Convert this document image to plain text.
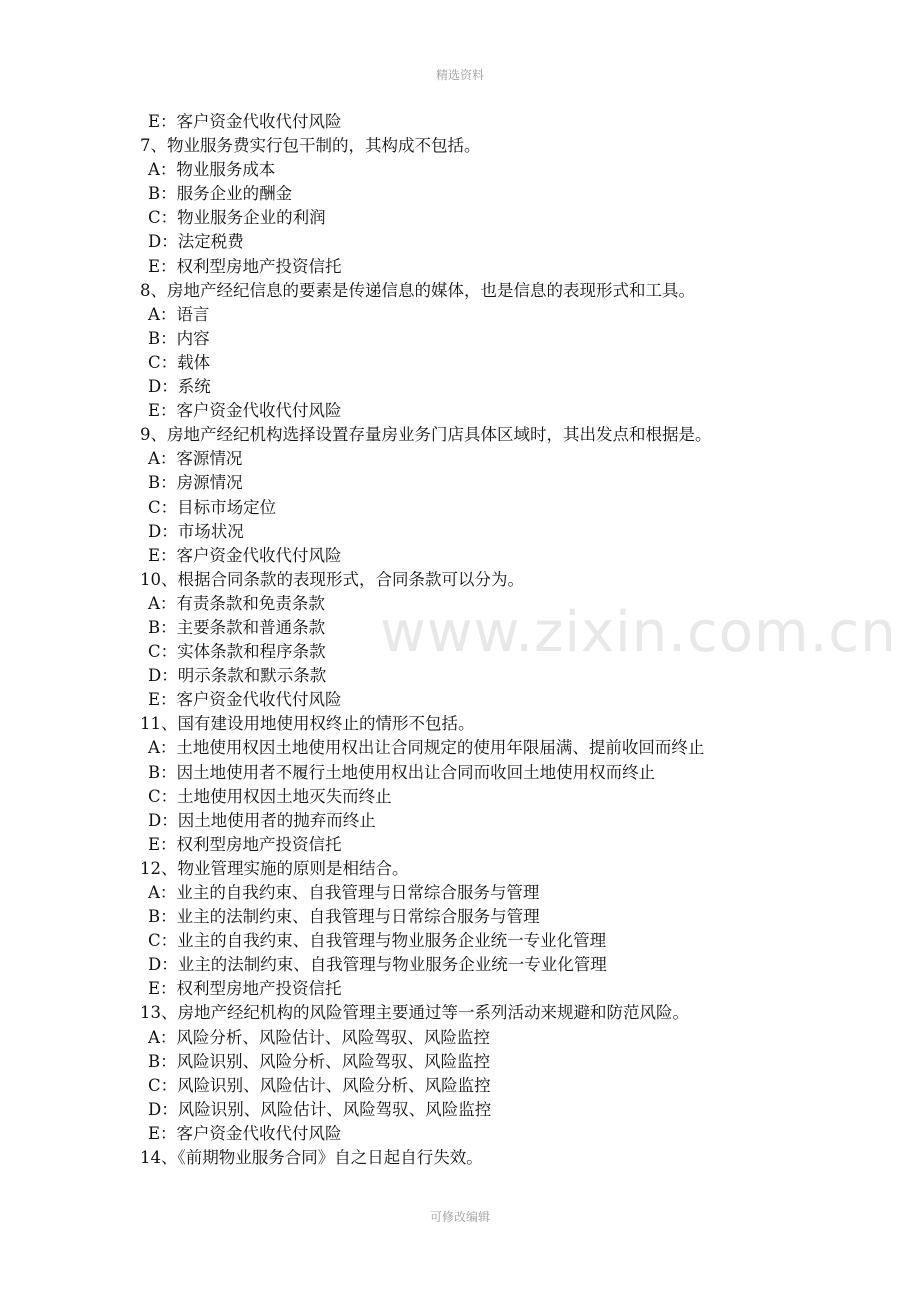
精选资料
www.zixin.com.cn
E：客户资金代收代付风险
7、物业服务费实行包干制的，其构成不包括。
A：物业服务成本
B：服务企业的酬金
C：物业服务企业的利润
D：法定税费
E：权利型房地产投资信托
8、房地产经纪信息的要素是传递信息的媒体，也是信息的表现形式和工具。
A：语言
B：内容
C：载体
D：系统
E：客户资金代收代付风险
9、房地产经纪机构选择设置存量房业务门店具体区域时，其出发点和根据是。
A：客源情况
B：房源情况
C：目标市场定位
D：市场状况
E：客户资金代收代付风险
10、根据合同条款的表现形式，合同条款可以分为。
A：有责条款和免责条款
B：主要条款和普通条款
C：实体条款和程序条款
D：明示条款和默示条款
E：客户资金代收代付风险
11、国有建设用地使用权终止的情形不包括。
A：土地使用权因土地使用权出让合同规定的使用年限届满、提前收回而终止
B：因土地使用者不履行土地使用权出让合同而收回土地使用权而终止
C：土地使用权因土地灭失而终止
D：因土地使用者的抛弃而终止
E：权利型房地产投资信托
12、物业管理实施的原则是相结合。
A：业主的自我约束、自我管理与日常综合服务与管理
B：业主的法制约束、自我管理与日常综合服务与管理
C：业主的自我约束、自我管理与物业服务企业统一专业化管理
D：业主的法制约束、自我管理与物业服务企业统一专业化管理
E：权利型房地产投资信托
13、房地产经纪机构的风险管理主要通过等一系列活动来规避和防范风险。
A：风险分析、风险估计、风险驾驭、风险监控
B：风险识别、风险分析、风险驾驭、风险监控
C：风险识别、风险估计、风险分析、风险监控
D：风险识别、风险估计、风险驾驭、风险监控
E：客户资金代收代付风险
14、《前期物业服务合同》自之日起自行失效。
可修改编辑
